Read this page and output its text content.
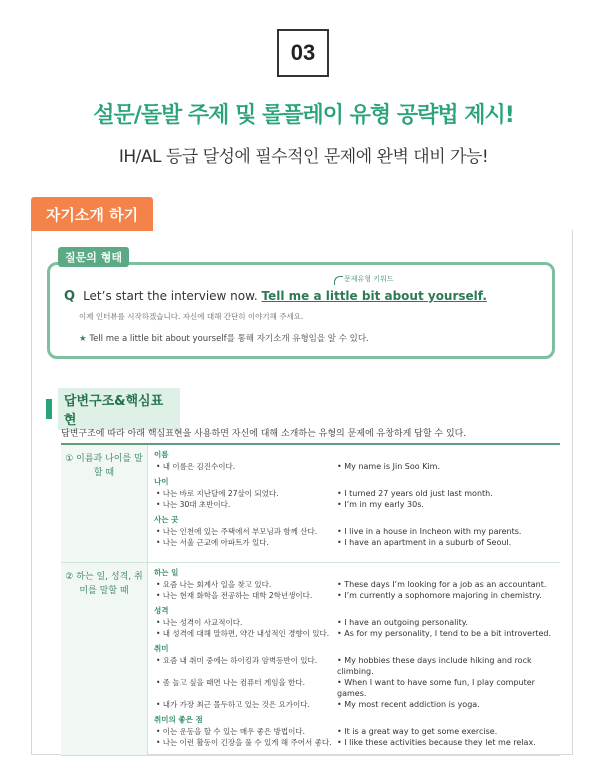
03
설문/돌발 주제 및 롤플레이 유형 공략법 제시!
IH/AL 등급 달성에 필수적인 문제에 완벽 대비 가능!
자기소개 하기
질문의 형태
문제유형 키워드
Q Let’s start the interview now. Tell me a little bit about yourself.
이제 인터뷰를 시작하겠습니다. 자신에 대해 간단히 이야기해 주세요.
★ Tell me a little bit about yourself를 통해 자기소개 유형임을 알 수 있다.
답변구조&핵심표현
답변구조에 따라 아래 핵심표현을 사용하면 자신에 대해 소개하는 유형의 문제에 유창하게 답할 수 있다.
① 이름과 나이를 말할 때
이름
• 내 이름은 김진수이다.	• My name is Jin Soo Kim.
나이
• 나는 바로 지난달에 27살이 되었다.	• I turned 27 years old just last month.
• 나는 30대 초반이다.	• I’m in my early 30s.
사는 곳
• 나는 인천에 있는 주택에서 부모님과 함께 산다.	• I live in a house in Incheon with my parents.
• 나는 서울 근교에 아파트가 있다.	• I have an apartment in a suburb of Seoul.
② 하는 일, 성격, 취미를 말할 때
하는 일
• 요즘 나는 회계사 일을 찾고 있다.	• These days I’m looking for a job as an accountant.
• 나는 현재 화학을 전공하는 대학 2학년생이다.	• I’m currently a sophomore majoring in chemistry.
성격
• 나는 성격이 사교적이다.	• I have an outgoing personality.
• 내 성격에 대해 말하면, 약간 내성적인 경향이 있다. • As for my personality, I tend to be a bit introverted.
취미
• 요즘 내 취미 중에는 하이킹과 암벽등반이 있다.	• My hobbies these days include hiking and rock
climbing.
• 좀 놀고 싶을 때면 나는 컴퓨터 게임을 한다.	• When I want to have some fun, I play computer games.
• 내가 가장 최근 몰두하고 있는 것은 요가이다.	• My most recent addiction is yoga.
취미의 좋은 점
• 이는 운동을 할 수 있는 매우 좋은 방법이다.	• It is a great way to get some exercise.
• 나는 이런 활동이 긴장을 풀 수 있게 해 주어서 좋다. • I like these activities because they let me relax.
